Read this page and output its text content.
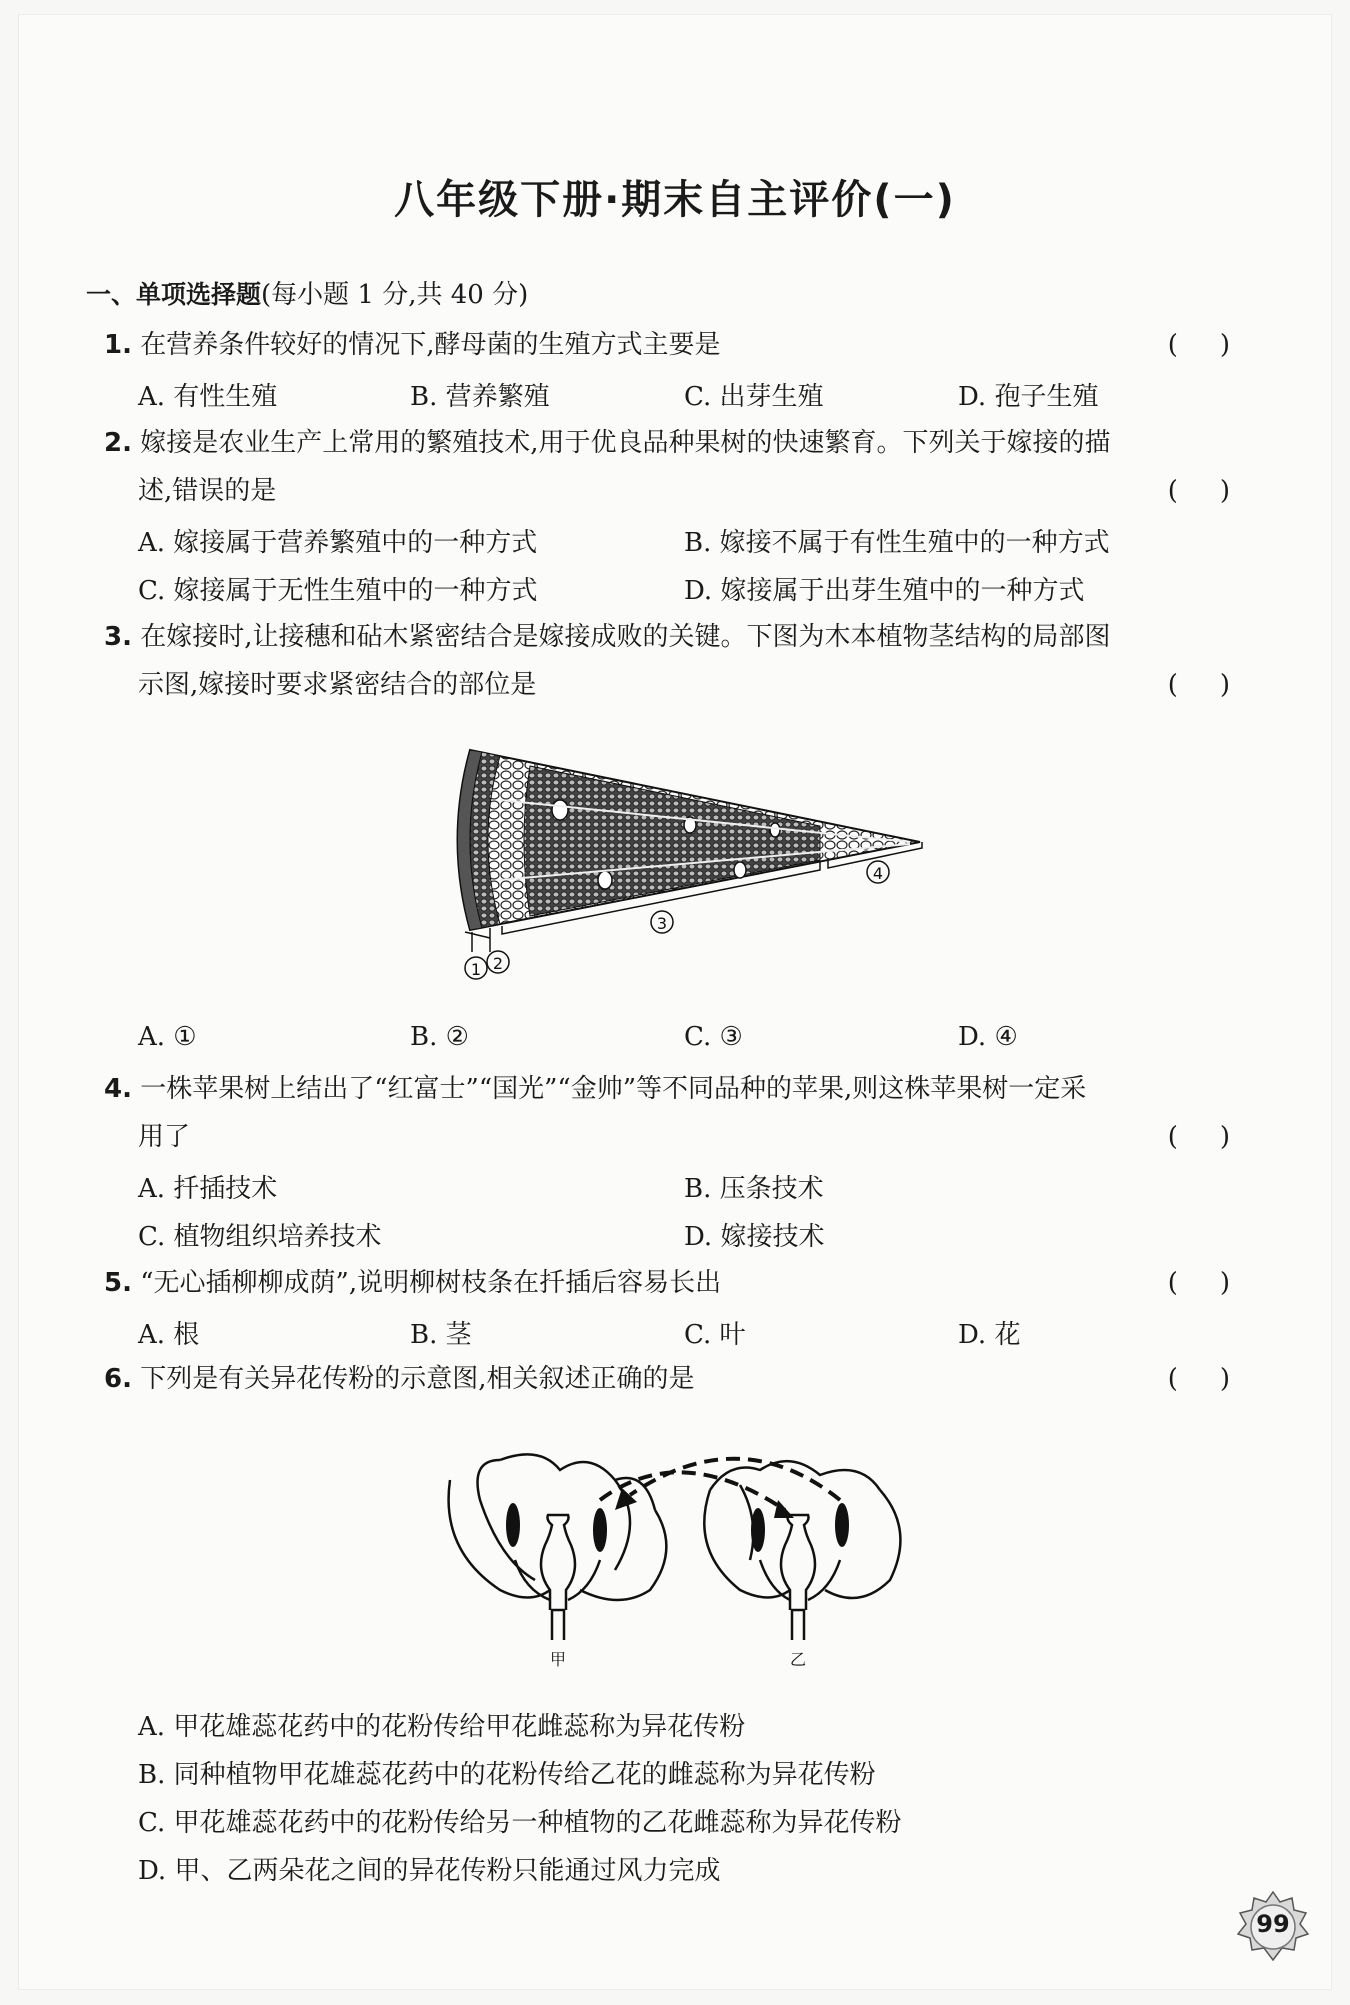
八年级下册·期末自主评价(一)
一、单项选择题(每小题 1 分,共 40 分)
1. 在营养条件较好的情况下,酵母菌的生殖方式主要是	(　)
A. 有性生殖	B. 营养繁殖	C. 出芽生殖	D. 孢子生殖
2. 嫁接是农业生产上常用的繁殖技术,用于优良品种果树的快速繁育。下列关于嫁接的描
述,错误的是	(　)
A. 嫁接属于营养繁殖中的一种方式	B. 嫁接不属于有性生殖中的一种方式
C. 嫁接属于无性生殖中的一种方式	D. 嫁接属于出芽生殖中的一种方式
3. 在嫁接时,让接穗和砧木紧密结合是嫁接成败的关键。下图为木本植物茎结构的局部图
示图,嫁接时要求紧密结合的部位是	(　)
1 2
3
4
A. ①	B. ②	C. ③	D. ④
4. 一株苹果树上结出了“红富士”“国光”“金帅”等不同品种的苹果,则这株苹果树一定采
用了	(　)
A. 扦插技术	B. 压条技术
C. 植物组织培养技术	D. 嫁接技术
5. “无心插柳柳成荫”,说明柳树枝条在扦插后容易长出	(　)
A. 根	B. 茎	C. 叶	D. 花
6. 下列是有关异花传粉的示意图,相关叙述正确的是	(　)
甲	乙
A. 甲花雄蕊花药中的花粉传给甲花雌蕊称为异花传粉
B. 同种植物甲花雄蕊花药中的花粉传给乙花的雌蕊称为异花传粉
C. 甲花雄蕊花药中的花粉传给另一种植物的乙花雌蕊称为异花传粉
D. 甲、乙两朵花之间的异花传粉只能通过风力完成
99
